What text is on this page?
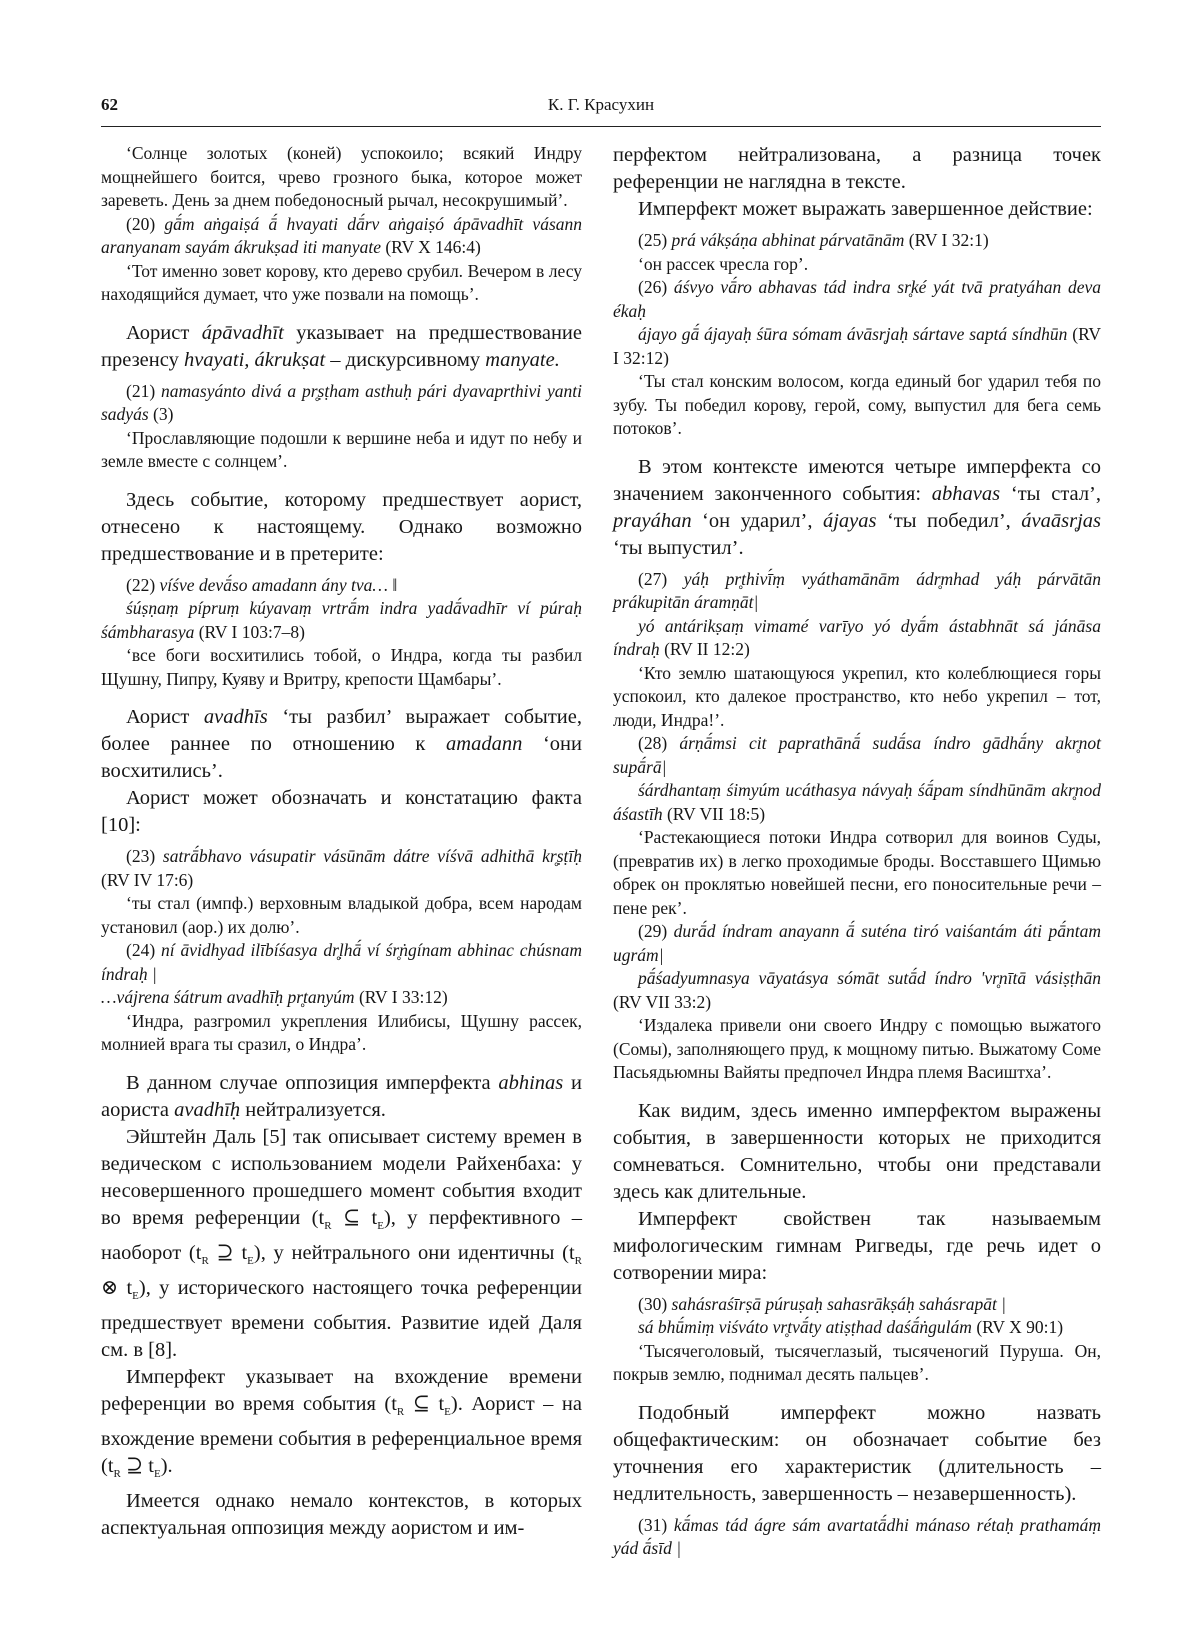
62	К. Г. Красухин

‘Солнце золотых (коней) успокоило; всякий Индру мощнейшего боится, чрево грозного быка, которое может зареветь. День за днем победоносный рычал, несокрушимый’.

(20) gā́m aṅgaiṣá ā́ hvayati dā́rv aṅgaiṣó ápāvadhīt vásann aranyanam sayám ákrukṣad iti manyate (RV X 146:4)

‘Тот именно зовет корову, кто дерево срубил. Вечером в лесу находящийся думает, что уже позвали на помощь’.

Аорист ápāvadhīt указывает на предшествование презенсу hvayati, ákrukṣat – дискурсивному manyate.

(21) namasyánto divá a pr̥ṣṭham asthuḥ pári dyavaprthivi yanti sadyás (3)

‘Прославляющие подошли к вершине неба и идут по небу и земле вместе с солнцем’.

Здесь событие, которому предшествует аорист, отнесено к настоящему. Однако возможно предшествование и в претерите:

(22) víśve devā́so amadann ány tva… ‖

śúṣṇaṃ pípruṃ kúyavaṃ vrtrā́m indra yadā́vadhīr ví púraḥ śámbharasya (RV I 103:7–8)

‘все боги восхитились тобой, о Индра, когда ты разбил Щушну, Пипру, Куяву и Вритру, крепости Щамбары’.

Аорист avadhīs ‘ты разбил’ выражает событие, более раннее по отношению к amadann ‘они восхитились’.

Аорист может обозначать и констатацию факта [10]:

(23) satrā́bhavo vásupatir vásūnām dátre víśvā adhithā kr̥ṣṭīḥ (RV IV 17:6)

‘ты стал (импф.) верховным владыкой добра, всем народам установил (аор.) их долю’.

(24) ní āvidhyad ilībíśasya dr̥ḷhā́ ví śr̥ṅgínam abhinac chúsnam índraḥ |

…vájrena śátrum avadhīḥ pr̥tanyúm (RV I 33:12)

‘Индра, разгромил укрепления Илибисы, Щушну рассек, молнией врага ты сразил, о Индра’.

В данном случае оппозиция имперфекта abhinas и аориста avadhīḥ нейтрализуется.

Эйштейн Даль [5] так описывает систему времен в ведическом с использованием модели Райхенбаха: у несовершенного прошедшего момент события входит во время референции ($t_R$ ⊆ $t_E$), у перфективного – наоборот ($t_R$ ⊇ $t_E$), у нейтрального они идентичны ($t_R$ ⊗ $t_E$), у исторического настоящего точка референции предшествует времени события. Развитие идей Даля см. в [8].

Имперфект указывает на вхождение времени референции во время события ($t_R$ ⊆ $t_E$). Аорист – на вхождение времени события в референциальное время ($t_R$ ⊇ $t_E$).

Имеется однако немало контекстов, в которых аспектуальная оппозиция между аористом и им-

перфектом нейтрализована, а разница точек референции не наглядна в тексте.

Имперфект может выражать завершенное действие:

(25) prá vákṣáṇa abhinat párvatānām (RV I 32:1)

‘он рассек чресла гор’.

(26) áśvyo vā́ro abhavas tád indra sr̥ké yát tvā pratyáhan deva ékaḥ

ájayo gā́ ájayaḥ śūra sómam ávāsr̥jaḥ sártave saptá síndhūn (RV I 32:12)

‘Ты стал конским волосом, когда единый бог ударил тебя по зубу. Ты победил корову, герой, сому, выпустил для бега семь потоков’.

В этом контексте имеются четыре имперфекта со значением законченного события: abhavas ‘ты стал’, prayáhan ‘он ударил’, ájayas ‘ты победил’, ávaāsr̥jas ‘ты выпустил’.

(27) yáḥ pr̥thivī́ṃ vyáthamānām ádr̥mhad yáḥ párvātān prákupitān áramṇāt|

yó antárikṣaṃ vimamé varīyo yó dyā́m ástabhnāt sá jánāsa índraḥ (RV II 12:2)

‘Кто землю шатающуюся укрепил, кто колеблющиеся горы успокоил, кто далекое пространство, кто небо укрепил – тот, люди, Индра!’.

(28) árṇā́msi cit paprathānā́ sudā́sa índro gādhā́ny akr̥not supā́rā|

śárdhantaṃ śimyúm ucáthasya návyaḥ śā́pam síndhūnām akr̥nod áśastīh (RV VII 18:5)

‘Растекающиеся потоки Индра сотворил для воинов Суды, (превратив их) в легко проходимые броды. Восставшего Щимью обрек он проклятью новейшей песни, его поносительные речи – пене рек’.

(29) durā́d índram anayann ā́ suténa tiró vaiśantám áti pā́ntam ugrám|

pā́śadyumnasya vāyatásya sómāt sutā́d índro 'vr̥nītā vásiṣṭhān (RV VII 33:2)

‘Издалека привели они своего Индру с помощью выжатого (Сомы), заполняющего пруд, к мощному питью. Выжатому Соме Пасьядьюмны Вайяты предпочел Индра племя Васиштха’.

Как видим, здесь именно имперфектом выражены события, в завершенности которых не приходится сомневаться. Сомнительно, чтобы они представали здесь как длительные.

Имперфект свойствен так называемым мифологическим гимнам Ригведы, где речь идет о сотворении мира:

(30) sahásraśīrṣā púruṣaḥ sahasrākṣáḥ sahásrapāt |

sá bhū́miṃ viśváto vr̥tvā́ty atiṣṭhad daśā́ṅgulám (RV X 90:1)

‘Тысячеголовый, тысячеглазый, тысяченогий Пуруша. Он, покрыв землю, поднимал десять пальцев’.

Подобный имперфект можно назвать общефактическим: он обозначает событие без уточнения его характеристик (длительность – недлительность, завершенность – незавершенность).

(31) kā́mas tád ágre sám avartatā́dhi mánaso rétaḥ prathamáṃ yád ā́sīd |
